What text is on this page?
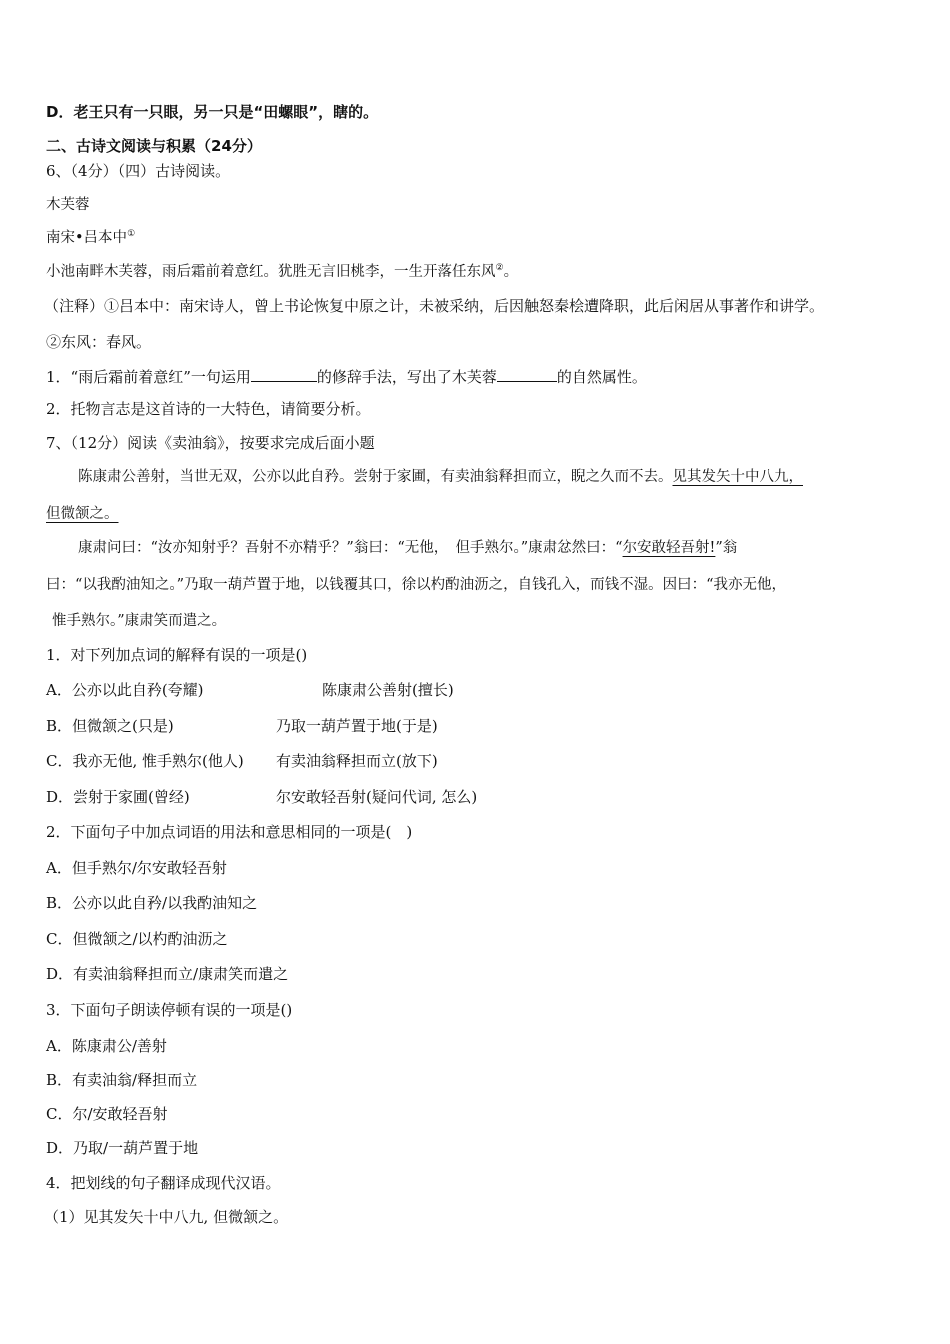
D．老王只有一只眼，另一只是“田螺眼”，瞎的。
二、古诗文阅读与积累（24分）
6、（4分）（四）古诗阅读。
木芙蓉
南宋•吕本中①
小池南畔木芙蓉，雨后霜前着意红。犹胜无言旧桃李，一生开落任东风②。
（注释）①吕本中：南宋诗人，曾上书论恢复中原之计，未被采纳，后因触怒秦桧遭降职，此后闲居从事著作和讲学。
②东风：春风。
1．“雨后霜前着意红”一句运用	的修辞手法，写出了木芙蓉	的自然属性。
2．托物言志是这首诗的一大特色，请简要分析。
7、（12分）阅读《卖油翁》，按要求完成后面小题
陈康肃公善射，当世无双，公亦以此自矜。尝射于家圃，有卖油翁释担而立，睨之久而不去。见其发矢十中八九，
但微颔之。
康肃问曰：“汝亦知射乎？吾射不亦精乎？”翁曰：“无他，　但手熟尔。”康肃忿然曰：“尔安敢轻吾射!”翁
曰：“以我酌油知之。”乃取一葫芦置于地，以钱覆其口，徐以杓酌油沥之，自钱孔入，而钱不湿。因曰：“我亦无他，
惟手熟尔。”康肃笑而遣之。
1．对下列加点词的解释有误的一项是()
A．公亦以此自矜(夸耀)	陈康肃公善射(擅长)
B．但微颔之(只是)	乃取一葫芦置于地(于是)
C．我亦无他, 惟手熟尔(他人) 有卖油翁释担而立(放下)
D．尝射于家圃(曾经)	尔安敢轻吾射(疑问代词, 怎么)
2．下面句子中加点词语的用法和意思相同的一项是(　)
A．但手熟尔/尔安敢轻吾射
B．公亦以此自矜/以我酌油知之
C．但微颔之/以杓酌油沥之
D．有卖油翁释担而立/康肃笑而遣之
3．下面句子朗读停顿有误的一项是()
A．陈康肃公/善射
B．有卖油翁/释担而立
C．尔/安敢轻吾射
D．乃取/一葫芦置于地
4．把划线的句子翻译成现代汉语。
（1）见其发矢十中八九, 但微颔之。
